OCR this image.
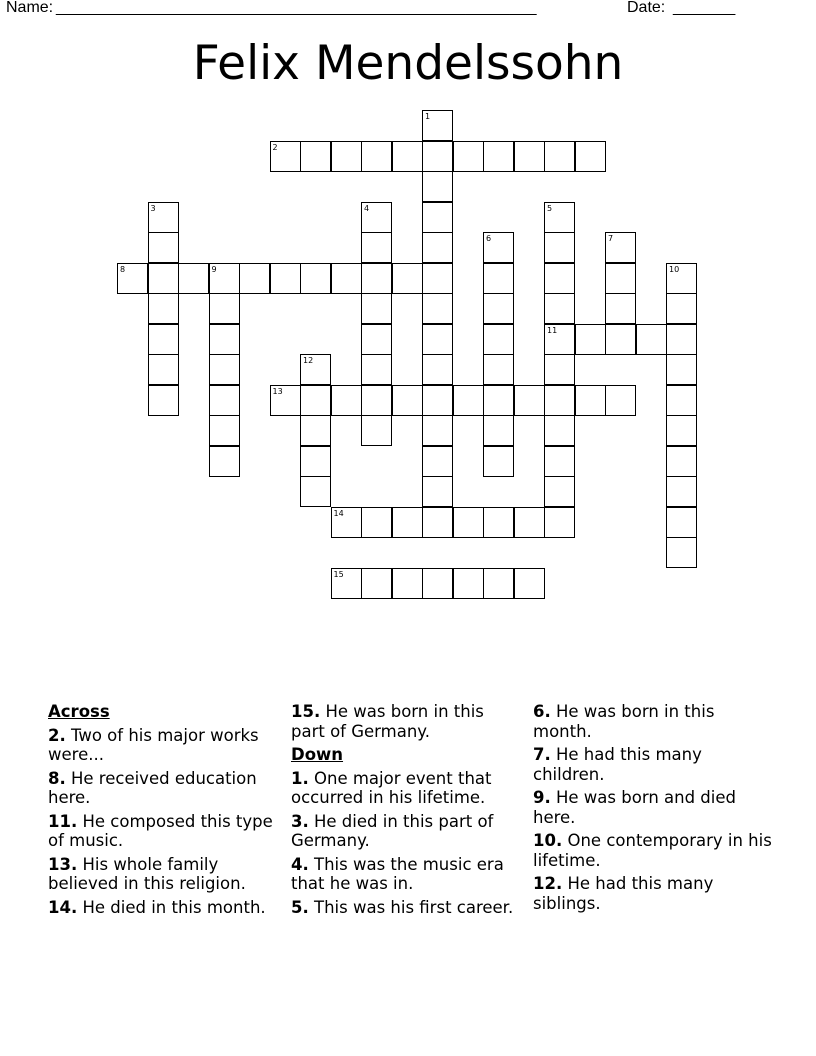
Name:
______________________________________________________	Date: _______
Felix Mendelssohn
1
2
3	4	5
6	7
8	9	10
11
12
13
14
15
Across
2. Two of his major works were...
8. He received education here.
11. He composed this type of music.
13. His whole family believed in this religion.
14. He died in this month.
15. He was born in this part of Germany.
Down
1. One major event that occurred in his lifetime.
3. He died in this part of Germany.
4. This was the music era that he was in.
5. This was his first career.
6. He was born in this month.
7. He had this many children.
9. He was born and died here.
10. One contemporary in his lifetime.
12. He had this many siblings.
